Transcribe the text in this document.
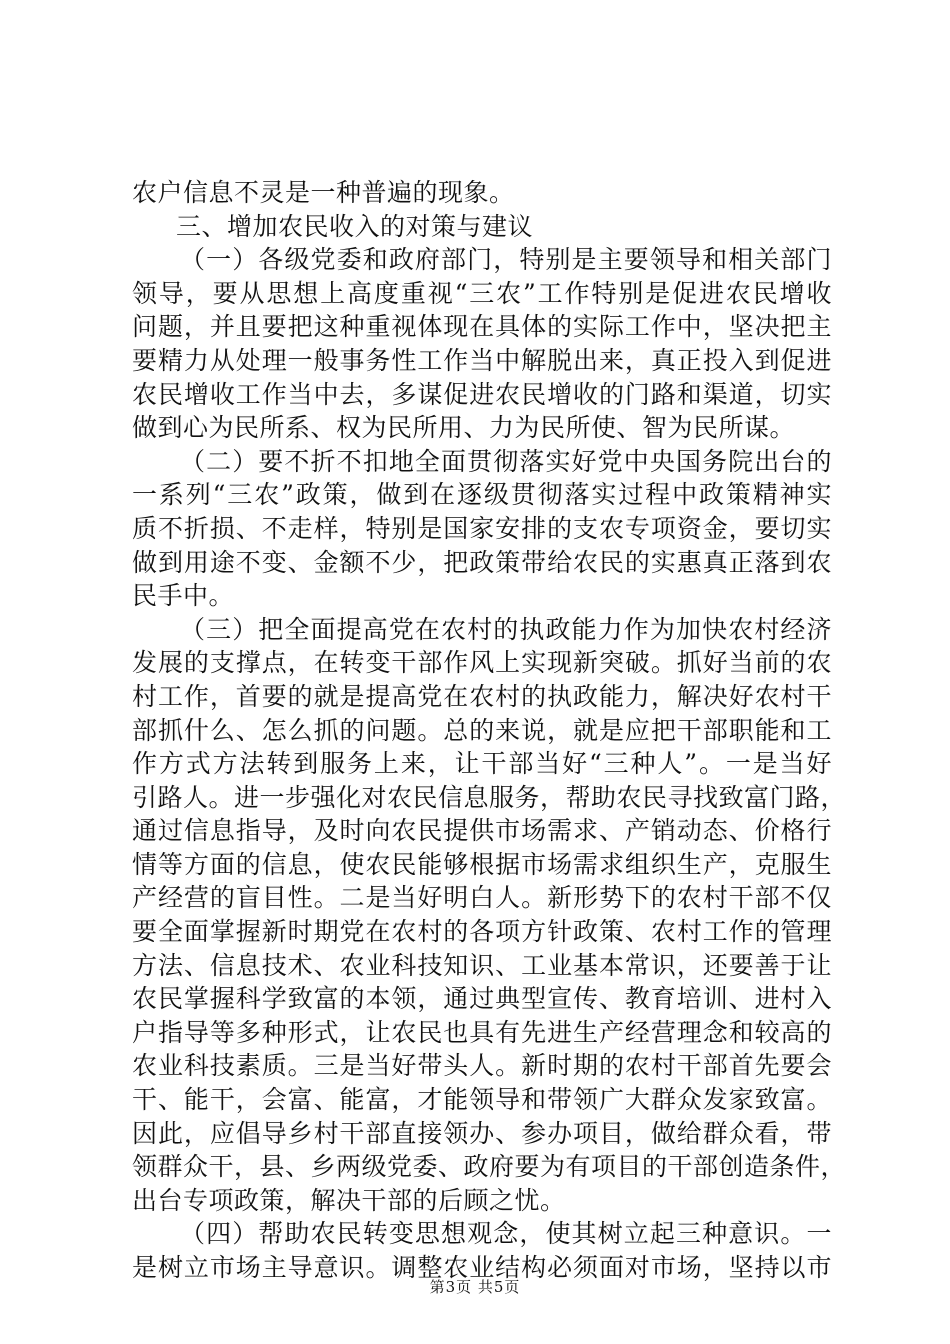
农户信息不灵是一种普遍的现象。
三、增加农民收入的对策与建议
（一）各级党委和政府部门，特别是主要领导和相关部门
领导，要从思想上高度重视“三农”工作特别是促进农民增收
问题，并且要把这种重视体现在具体的实际工作中，坚决把主
要精力从处理一般事务性工作当中解脱出来，真正投入到促进
农民增收工作当中去，多谋促进农民增收的门路和渠道，切实
做到心为民所系、权为民所用、力为民所使、智为民所谋。
（二）要不折不扣地全面贯彻落实好党中央国务院出台的
一系列“三农”政策，做到在逐级贯彻落实过程中政策精神实
质不折损、不走样，特别是国家安排的支农专项资金，要切实
做到用途不变、金额不少，把政策带给农民的实惠真正落到农
民手中。
（三）把全面提高党在农村的执政能力作为加快农村经济
发展的支撑点，在转变干部作风上实现新突破。抓好当前的农
村工作，首要的就是提高党在农村的执政能力，解决好农村干
部抓什么、怎么抓的问题。总的来说，就是应把干部职能和工
作方式方法转到服务上来，让干部当好“三种人”。一是当好
引路人。进一步强化对农民信息服务，帮助农民寻找致富门路，
通过信息指导，及时向农民提供市场需求、产销动态、价格行
情等方面的信息，使农民能够根据市场需求组织生产，克服生
产经营的盲目性。二是当好明白人。新形势下的农村干部不仅
要全面掌握新时期党在农村的各项方针政策、农村工作的管理
方法、信息技术、农业科技知识、工业基本常识，还要善于让
农民掌握科学致富的本领，通过典型宣传、教育培训、进村入
户指导等多种形式，让农民也具有先进生产经营理念和较高的
农业科技素质。三是当好带头人。新时期的农村干部首先要会
干、能干，会富、能富，才能领导和带领广大群众发家致富。
因此，应倡导乡村干部直接领办、参办项目，做给群众看，带
领群众干，县、乡两级党委、政府要为有项目的干部创造条件，
出台专项政策，解决干部的后顾之忧。
（四）帮助农民转变思想观念，使其树立起三种意识。一
是树立市场主导意识。调整农业结构必须面对市场，坚持以市
第3页 共5页
